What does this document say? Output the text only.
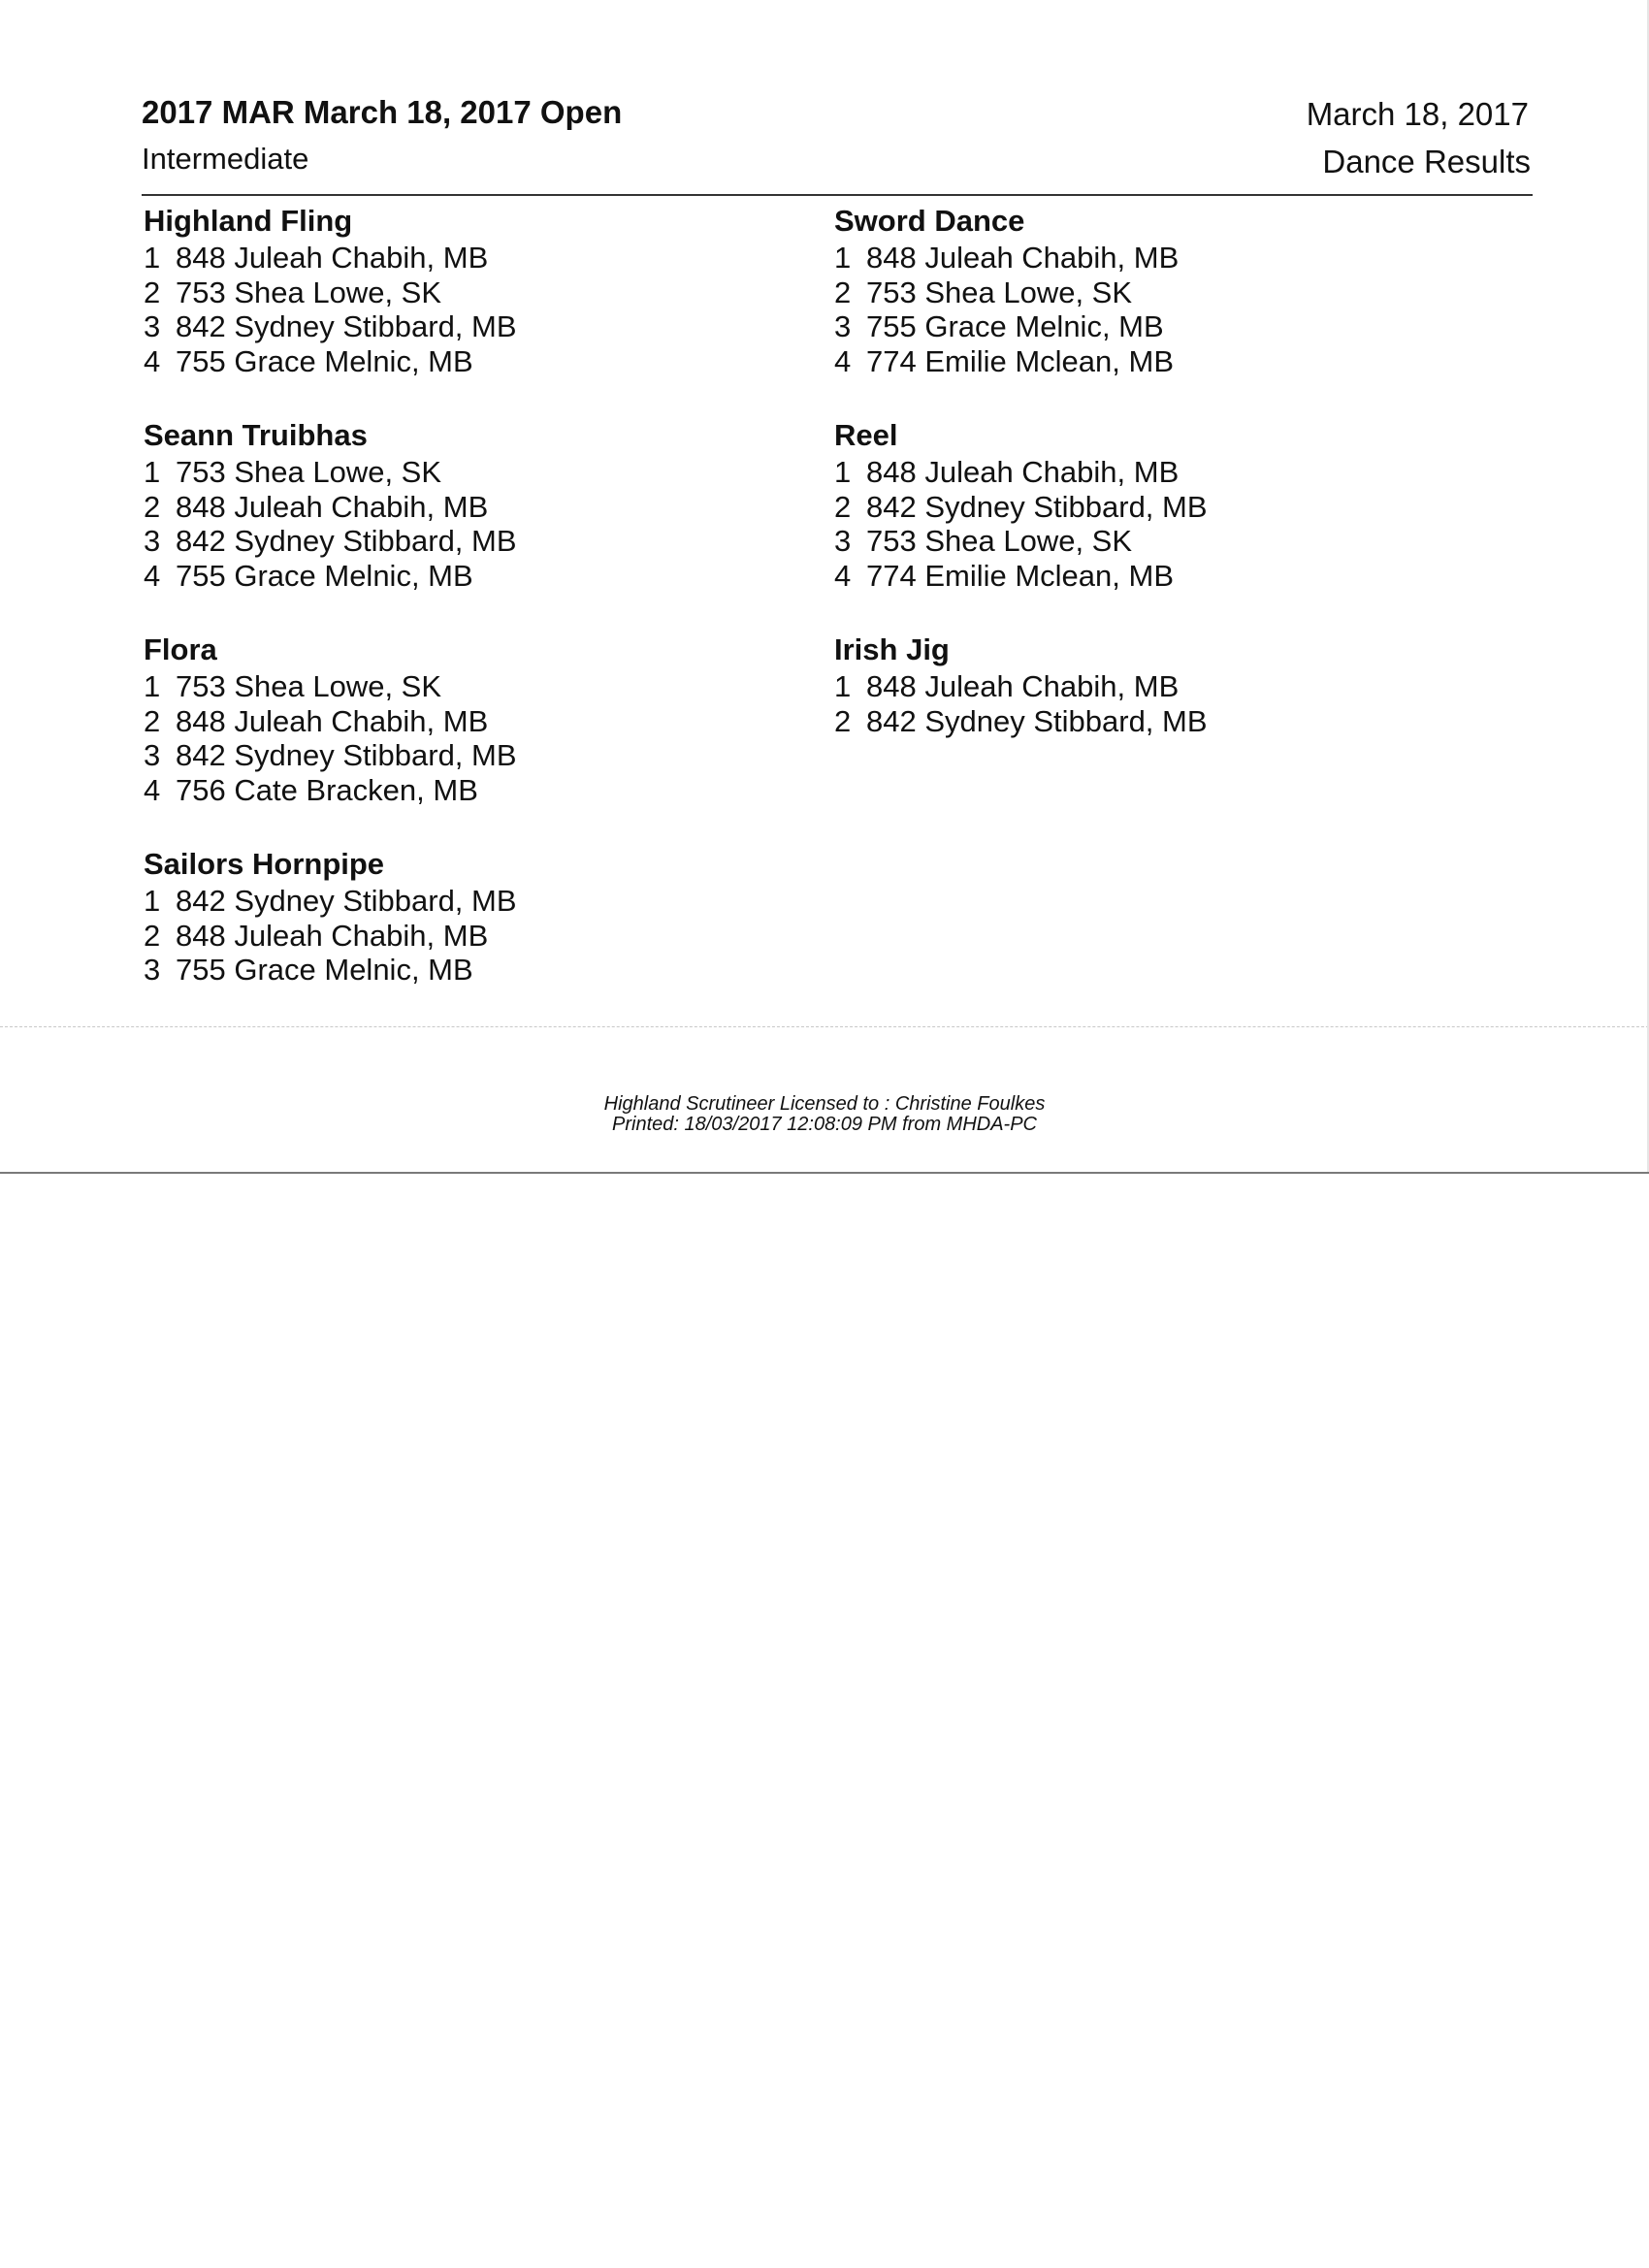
2017 MAR March 18, 2017 Open
Intermediate
March 18, 2017
Dance Results
Highland Fling
1 848 Juleah Chabih, MB
2 753 Shea Lowe, SK
3 842 Sydney Stibbard, MB
4 755 Grace Melnic, MB
Seann Truibhas
1 753 Shea Lowe, SK
2 848 Juleah Chabih, MB
3 842 Sydney Stibbard, MB
4 755 Grace Melnic, MB
Flora
1 753 Shea Lowe, SK
2 848 Juleah Chabih, MB
3 842 Sydney Stibbard, MB
4 756 Cate Bracken, MB
Sailors Hornpipe
1 842 Sydney Stibbard, MB
2 848 Juleah Chabih, MB
3 755 Grace Melnic, MB
Sword Dance
1 848 Juleah Chabih, MB
2 753 Shea Lowe, SK
3 755 Grace Melnic, MB
4 774 Emilie Mclean, MB
Reel
1 848 Juleah Chabih, MB
2 842 Sydney Stibbard, MB
3 753 Shea Lowe, SK
4 774 Emilie Mclean, MB
Irish Jig
1 848 Juleah Chabih, MB
2 842 Sydney Stibbard, MB
Highland Scrutineer Licensed to : Christine Foulkes
Printed: 18/03/2017 12:08:09 PM from MHDA-PC
